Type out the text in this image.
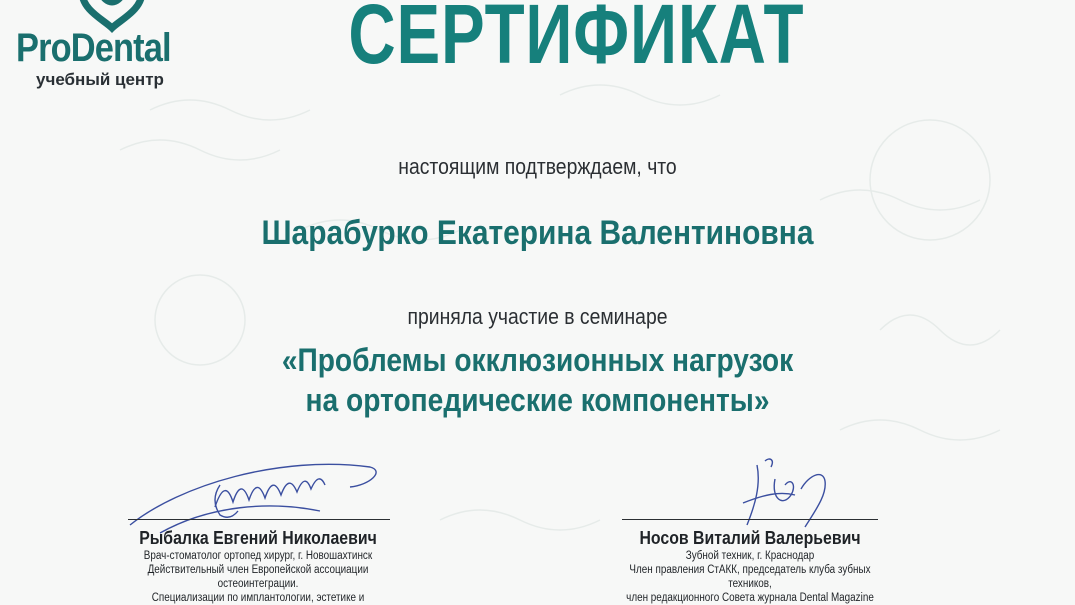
ProDental
учебный центр СЕРТИФИКАТ
настоящим подтверждаем, что
Шарабурко Екатерина Валентиновна
приняла участие в семинаре
«Проблемы окклюзионных нагрузок
на ортопедические компоненты»
Рыбалка Евгений Николаевич
Врач-стоматолог ортопед хирург, г. Новошахтинск
Действительный член Европейской ассоциации остеоинтеграции.
Специализации по имплантологии, эстетике и
Носов Виталий Валерьевич
Зубной техник, г. Краснодар
Член правления СтАКК, председатель клуба зубных техников,
член редакционного Совета журнала Dental Magazine
